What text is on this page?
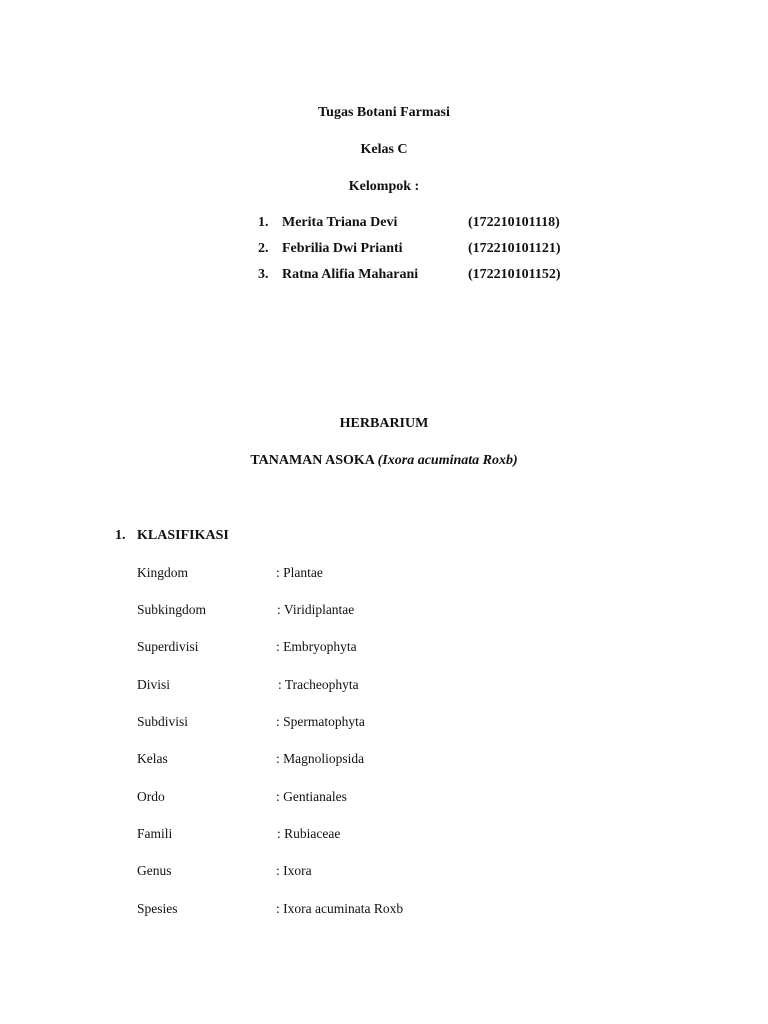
Tugas Botani Farmasi
Kelas C
Kelompok :
1. Merita Triana Devi	(172210101118)
2. Febrilia Dwi Prianti	(172210101121)
3. Ratna Alifia Maharani	(172210101152)
HERBARIUM
TANAMAN ASOKA (Ixora acuminata Roxb)
1. KLASIFIKASI
Kingdom	: Plantae
Subkingdom	: Viridiplantae
Superdivisi	: Embryophyta
Divisi	: Tracheophyta
Subdivisi	: Spermatophyta
Kelas	: Magnoliopsida
Ordo	: Gentianales
Famili	: Rubiaceae
Genus	: Ixora
Spesies	: Ixora acuminata Roxb
